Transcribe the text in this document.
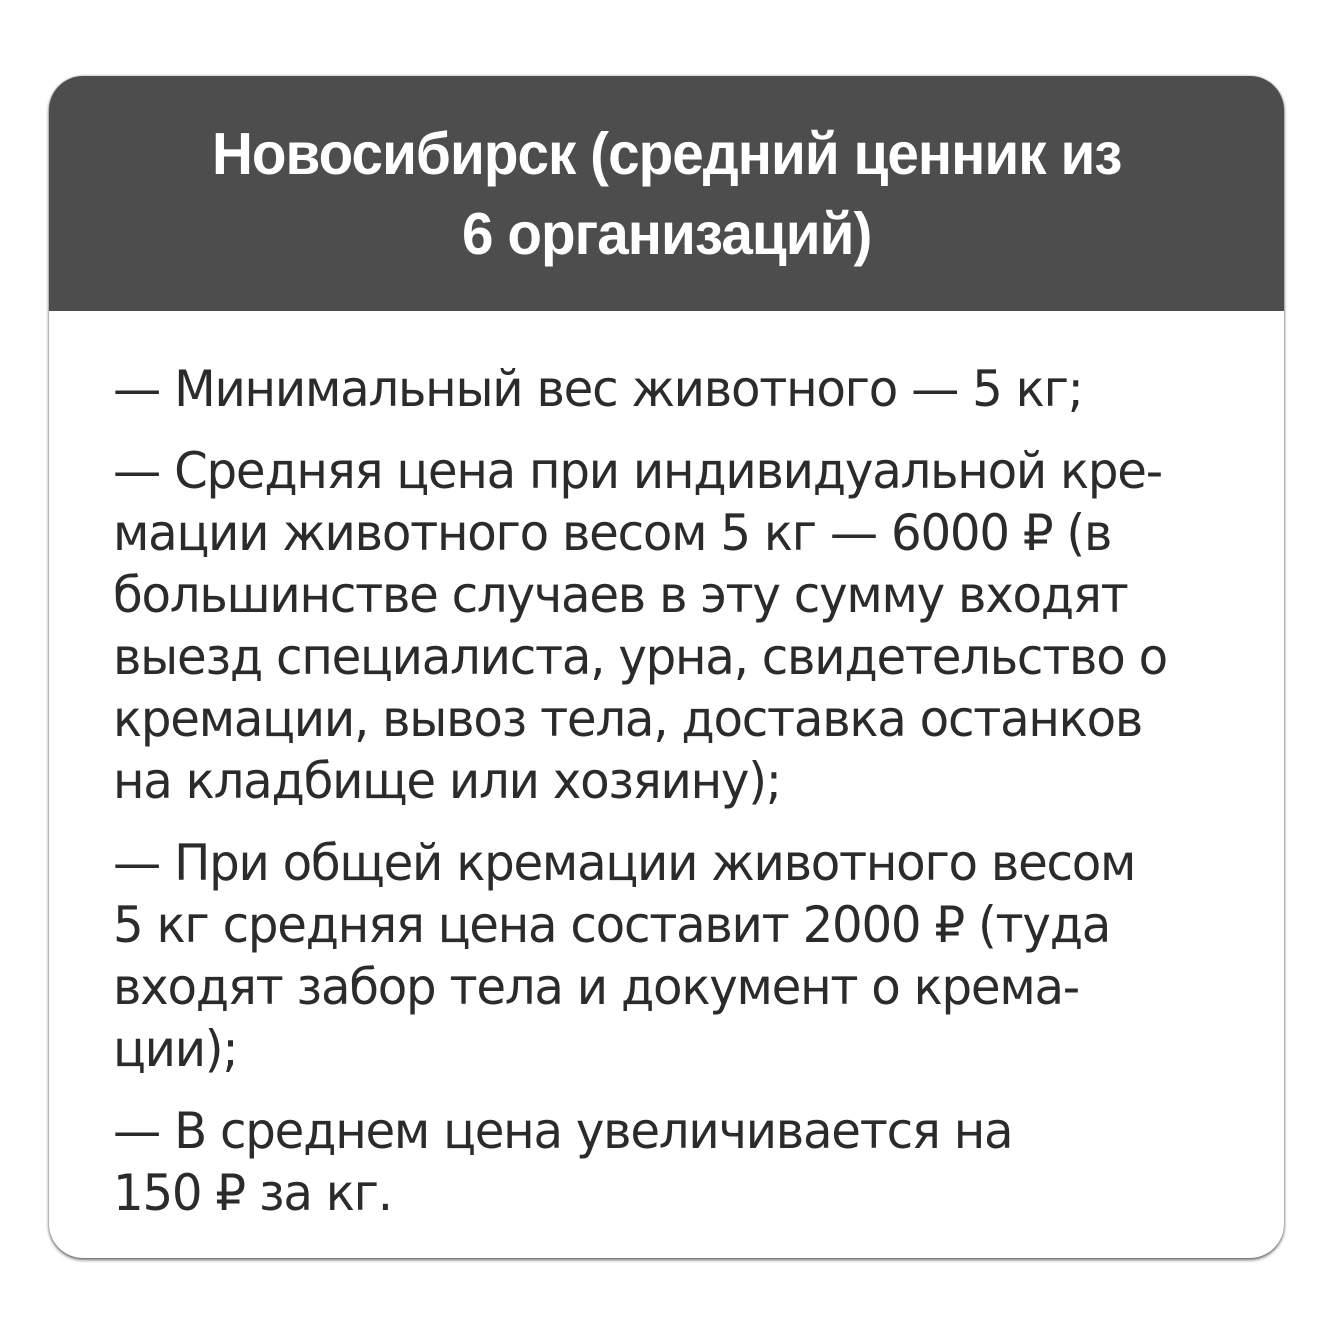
Новосибирск (средний ценник из
6 организаций)

— Минимальный вес животного — 5 кг;

— Средняя цена при индивидуальной кре-
мации животного весом 5 кг — 6000 ₽ (в
большинстве случаев в эту сумму входят
выезд специалиста, урна, свидетельство о
кремации, вывоз тела, доставка останков
на кладбище или хозяину);

— При общей кремации животного весом
5 кг средняя цена составит 2000 ₽ (туда
входят забор тела и документ о крема-
ции);

— В среднем цена увеличивается на
150 ₽ за кг.
